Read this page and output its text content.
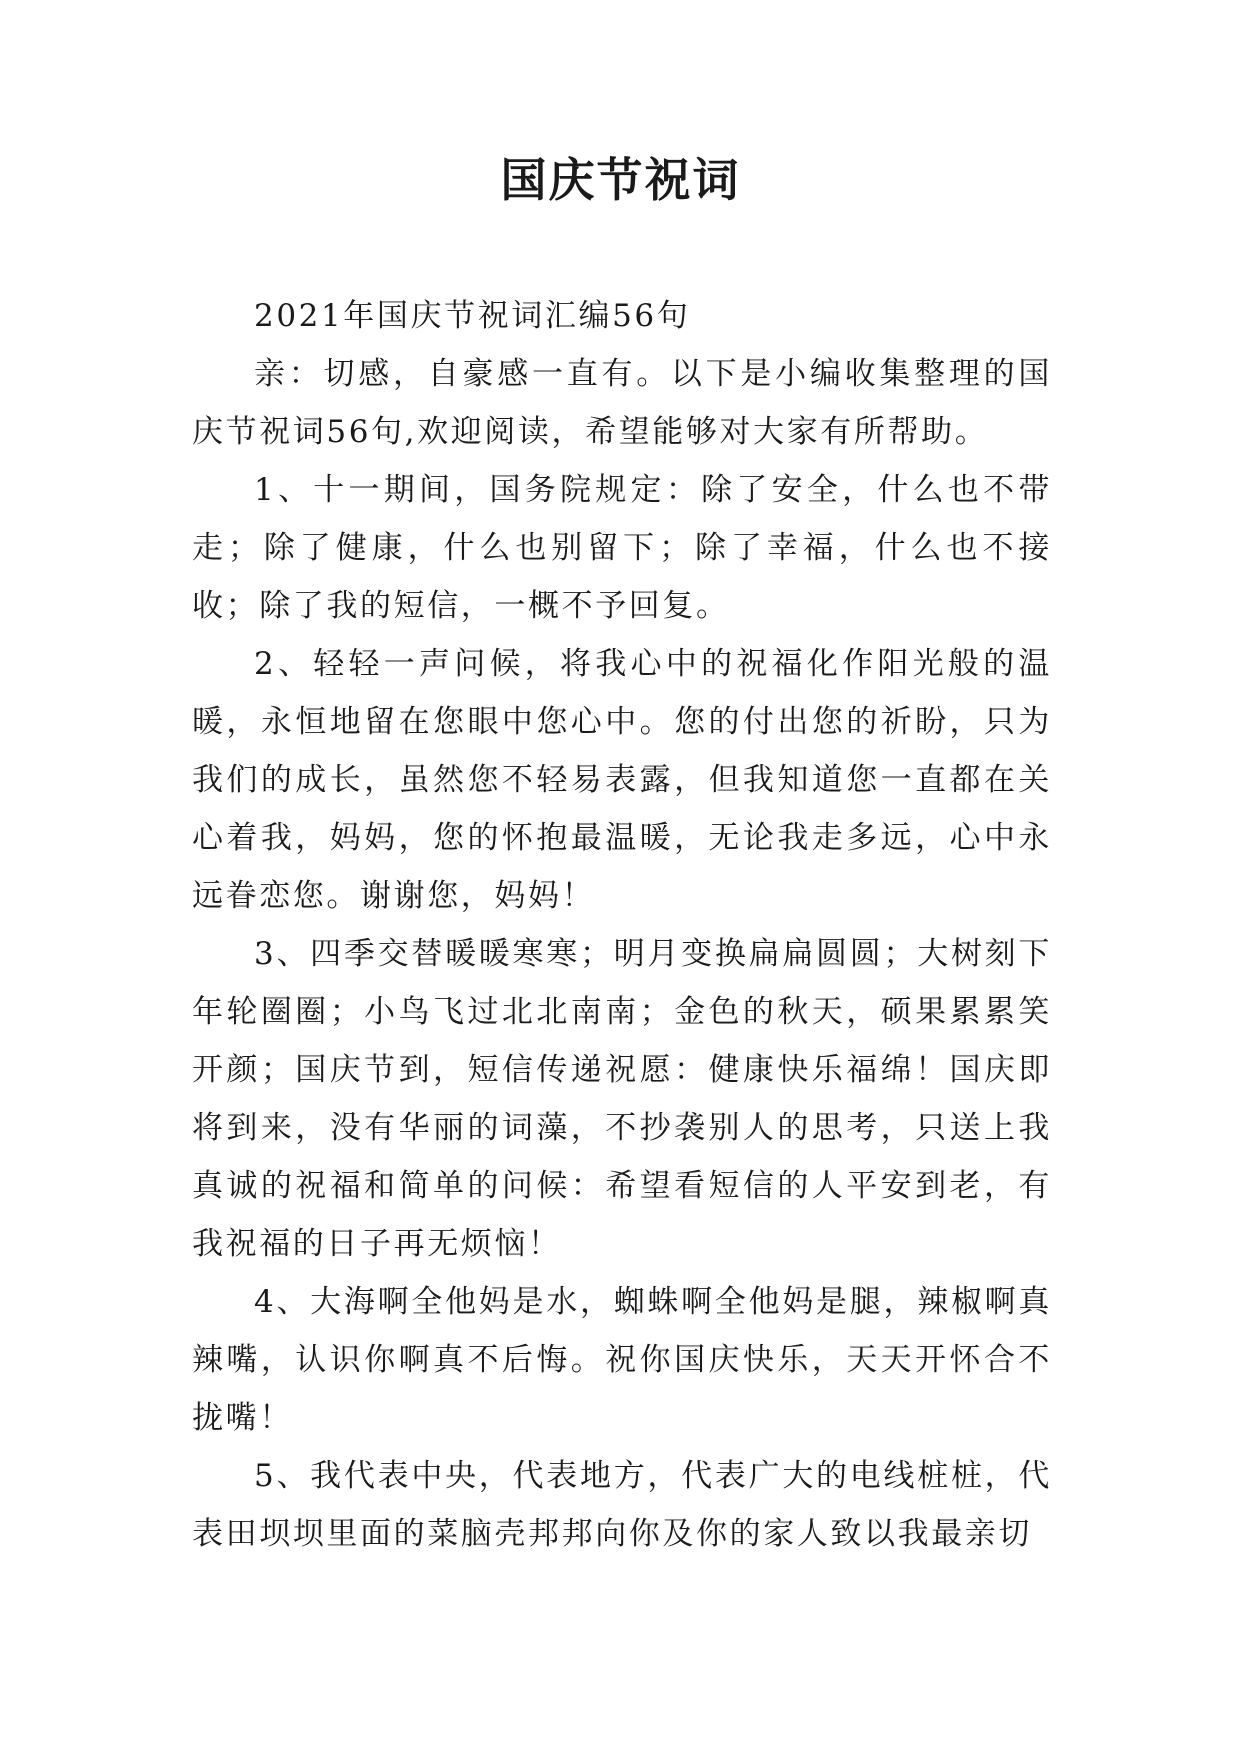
国庆节祝词

2021年国庆节祝词汇编56句

亲：切感，自豪感一直有。以下是小编收集整理的国庆节祝词56句,欢迎阅读，希望能够对大家有所帮助。

1、十一期间，国务院规定：除了安全，什么也不带走；除了健康，什么也别留下；除了幸福，什么也不接收；除了我的短信，一概不予回复。

2、轻轻一声问候，将我心中的祝福化作阳光般的温暖，永恒地留在您眼中您心中。您的付出您的祈盼，只为我们的成长，虽然您不轻易表露，但我知道您一直都在关心着我，妈妈，您的怀抱最温暖，无论我走多远，心中永远眷恋您。谢谢您，妈妈！

3、四季交替暖暖寒寒；明月变换扁扁圆圆；大树刻下年轮圈圈；小鸟飞过北北南南；金色的秋天，硕果累累笑开颜；国庆节到，短信传递祝愿：健康快乐福绵！国庆即将到来，没有华丽的词藻，不抄袭别人的思考，只送上我真诚的祝福和简单的问候：希望看短信的人平安到老，有我祝福的日子再无烦恼！

4、大海啊全他妈是水，蜘蛛啊全他妈是腿，辣椒啊真辣嘴，认识你啊真不后悔。祝你国庆快乐，天天开怀合不拢嘴！

5、我代表中央，代表地方，代表广大的电线桩桩，代表田坝坝里面的菜脑壳邦邦向你及你的家人致以我最亲切
